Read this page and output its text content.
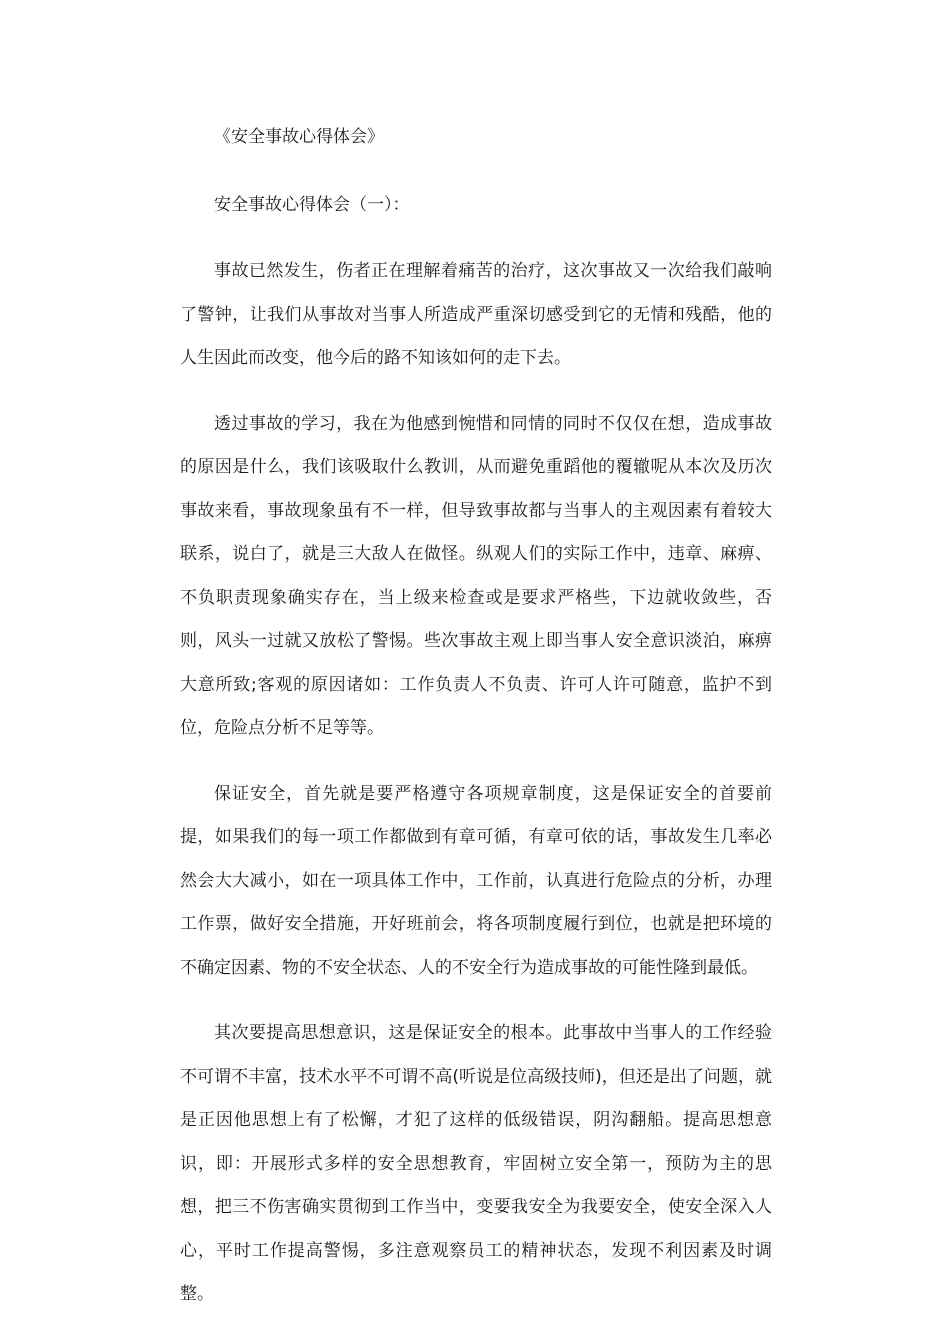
《安全事故心得体会》

安全事故心得体会（一）：

事故已然发生，伤者正在理解着痛苦的治疗，这次事故又一次给我们敲响了警钟，让我们从事故对当事人所造成严重深切感受到它的无情和残酷，他的人生因此而改变，他今后的路不知该如何的走下去。

透过事故的学习，我在为他感到惋惜和同情的同时不仅仅在想，造成事故的原因是什么，我们该吸取什么教训，从而避免重蹈他的覆辙呢从本次及历次事故来看，事故现象虽有不一样，但导致事故都与当事人的主观因素有着较大联系，说白了，就是三大敌人在做怪。纵观人们的实际工作中，违章、麻痹、不负职责现象确实存在，当上级来检查或是要求严格些，下边就收敛些，否则，风头一过就又放松了警惕。些次事故主观上即当事人安全意识淡泊，麻痹大意所致;客观的原因诸如：工作负责人不负责、许可人许可随意，监护不到位，危险点分析不足等等。

保证安全，首先就是要严格遵守各项规章制度，这是保证安全的首要前提，如果我们的每一项工作都做到有章可循，有章可依的话，事故发生几率必然会大大减小，如在一项具体工作中，工作前，认真进行危险点的分析，办理工作票，做好安全措施，开好班前会，将各项制度履行到位，也就是把环境的不确定因素、物的不安全状态、人的不安全行为造成事故的可能性隆到最低。

其次要提高思想意识，这是保证安全的根本。此事故中当事人的工作经验不可谓不丰富，技术水平不可谓不高(听说是位高级技师)，但还是出了问题，就是正因他思想上有了松懈，才犯了这样的低级错误，阴沟翻船。提高思想意识，即：开展形式多样的安全思想教育，牢固树立安全第一，预防为主的思想，把三不伤害确实贯彻到工作当中，变要我安全为我要安全，使安全深入人心，平时工作提高警惕，多注意观察员工的精神状态，发现不利因素及时调整。
